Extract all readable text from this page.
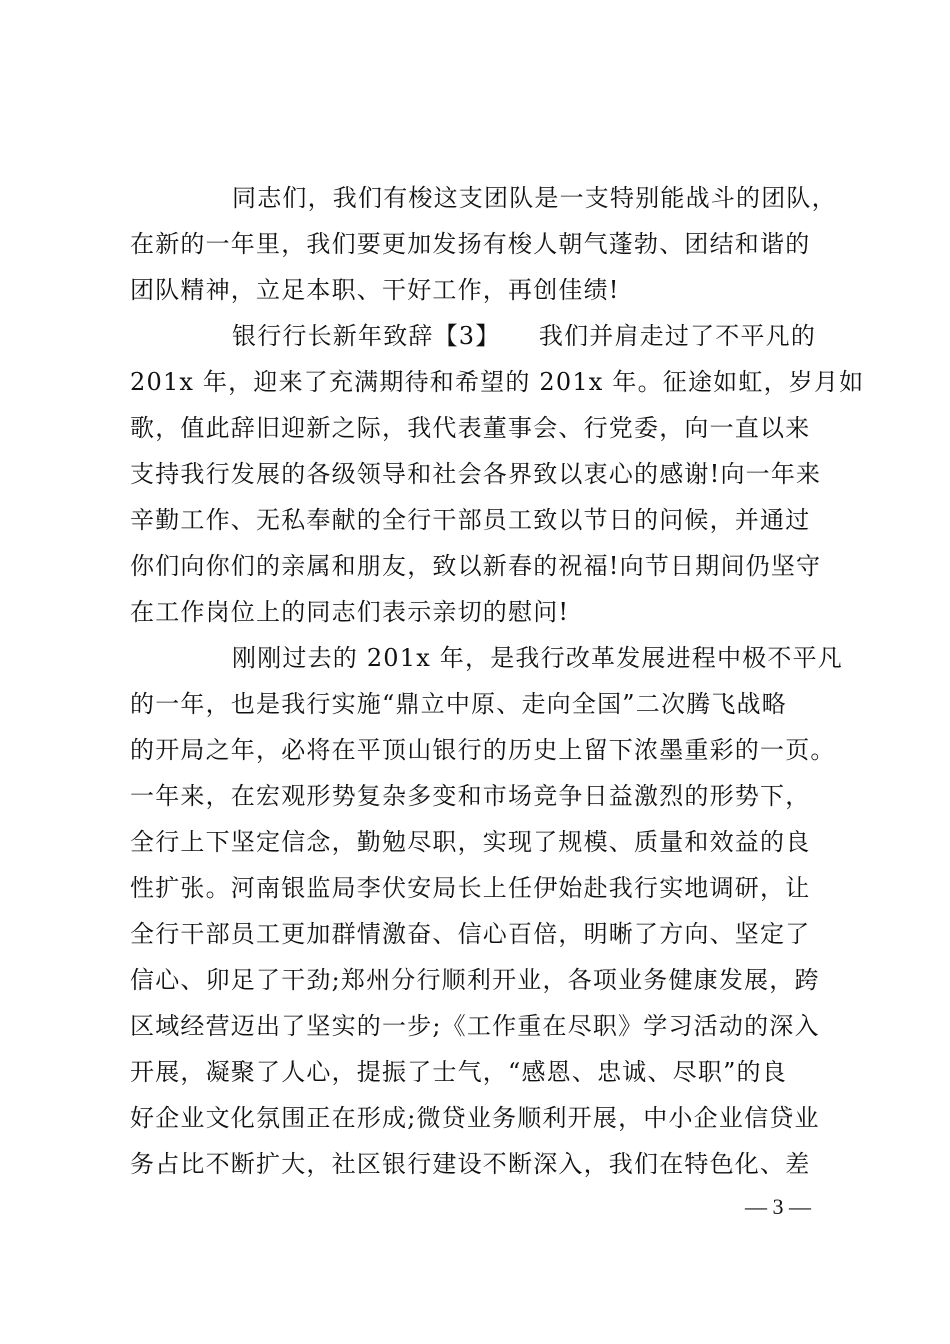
同志们，我们有梭这支团队是一支特别能战斗的团队，
在新的一年里，我们要更加发扬有梭人朝气蓬勃、团结和谐的
团队精神，立足本职、干好工作，再创佳绩!
银行行长新年致辞【3】　　我们并肩走过了不平凡的
201x 年，迎来了充满期待和希望的 201x 年。征途如虹，岁月如
歌，值此辞旧迎新之际，我代表董事会、行党委，向一直以来
支持我行发展的各级领导和社会各界致以衷心的感谢!向一年来
辛勤工作、无私奉献的全行干部员工致以节日的问候，并通过
你们向你们的亲属和朋友，致以新春的祝福!向节日期间仍坚守
在工作岗位上的同志们表示亲切的慰问!
刚刚过去的 201x 年，是我行改革发展进程中极不平凡
的一年，也是我行实施“鼎立中原、走向全国”二次腾飞战略
的开局之年，必将在平顶山银行的历史上留下浓墨重彩的一页。
一年来，在宏观形势复杂多变和市场竞争日益激烈的形势下，
全行上下坚定信念，勤勉尽职，实现了规模、质量和效益的良
性扩张。河南银监局李伏安局长上任伊始赴我行实地调研，让
全行干部员工更加群情激奋、信心百倍，明晰了方向、坚定了
信心、卯足了干劲;郑州分行顺利开业，各项业务健康发展，跨
区域经营迈出了坚实的一步;《工作重在尽职》学习活动的深入
开展，凝聚了人心，提振了士气，“感恩、忠诚、尽职”的良
好企业文化氛围正在形成;微贷业务顺利开展，中小企业信贷业
务占比不断扩大，社区银行建设不断深入，我们在特色化、差
— 3 —
